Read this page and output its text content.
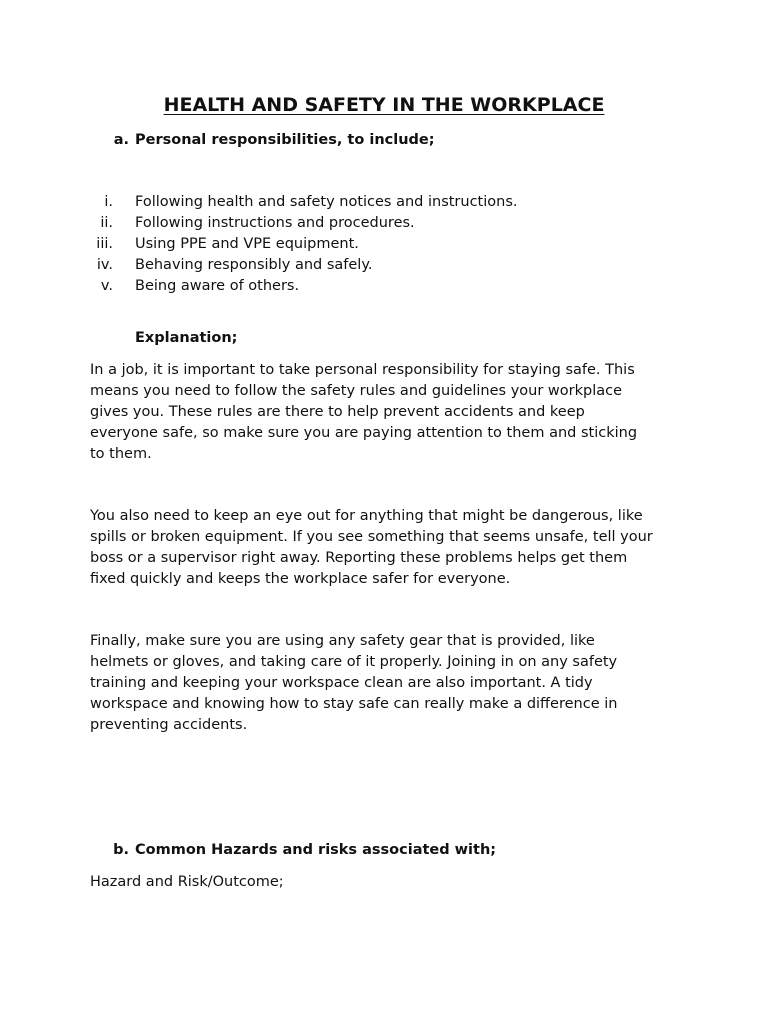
HEALTH AND SAFETY IN THE WORKPLACE
a. Personal responsibilities, to include;
i. Following health and safety notices and instructions.
ii. Following instructions and procedures.
iii. Using PPE and VPE equipment.
iv. Behaving responsibly and safely.
v. Being aware of others.
Explanation;

In a job, it is important to take personal responsibility for staying safe. This
means you need to follow the safety rules and guidelines your workplace
gives you. These rules are there to help prevent accidents and keep
everyone safe, so make sure you are paying attention to them and sticking
to them.

You also need to keep an eye out for anything that might be dangerous, like
spills or broken equipment. If you see something that seems unsafe, tell your
boss or a supervisor right away. Reporting these problems helps get them
fixed quickly and keeps the workplace safer for everyone.

Finally, make sure you are using any safety gear that is provided, like
helmets or gloves, and taking care of it properly. Joining in on any safety
training and keeping your workspace clean are also important. A tidy
workspace and knowing how to stay safe can really make a difference in
preventing accidents.

b. Common Hazards and risks associated with;

Hazard and Risk/Outcome;
